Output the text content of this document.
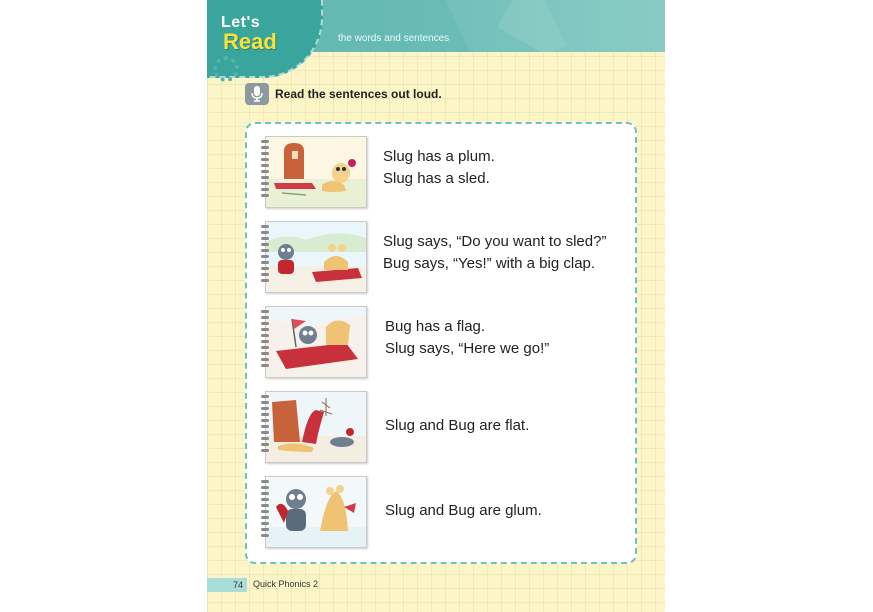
the words and sentences
Let's
Read
Read the sentences out loud.
Slug has a plum.
Slug has a sled.
Slug says, “Do you want to sled?”
Bug says, “Yes!” with a big clap.
Bug has a flag.
Slug says, “Here we go!”
Slug and Bug are flat.
Slug and Bug are glum.
74	Quick Phonics 2
